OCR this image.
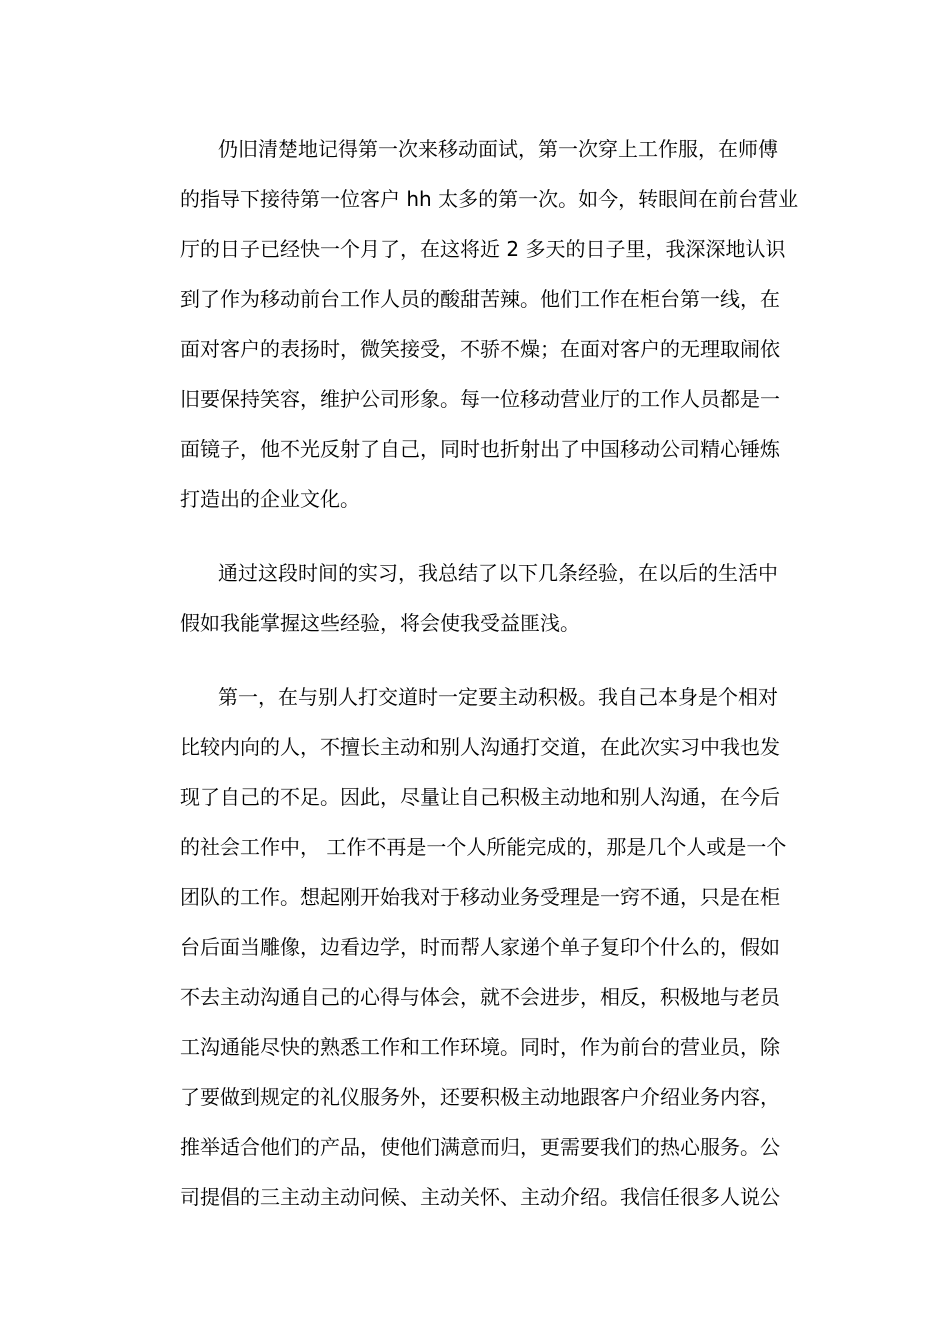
仍旧清楚地记得第一次来移动面试，第一次穿上工作服，在师傅
的指导下接待第一位客户 hh 太多的第一次。如今，转眼间在前台营业
厅的日子已经快一个月了，在这将近 2 多天的日子里，我深深地认识
到了作为移动前台工作人员的酸甜苦辣。他们工作在柜台第一线，在
面对客户的表扬时，微笑接受，不骄不燥；在面对客户的无理取闹依
旧要保持笑容，维护公司形象。每一位移动营业厅的工作人员都是一
面镜子，他不光反射了自己，同时也折射出了中国移动公司精心锤炼
打造出的企业文化。
通过这段时间的实习，我总结了以下几条经验，在以后的生活中
假如我能掌握这些经验，将会使我受益匪浅。
第一，在与别人打交道时一定要主动积极。我自己本身是个相对
比较内向的人，不擅长主动和别人沟通打交道，在此次实习中我也发
现了自己的不足。因此，尽量让自己积极主动地和别人沟通，在今后
的社会工作中， 工作不再是一个人所能完成的，那是几个人或是一个
团队的工作。想起刚开始我对于移动业务受理是一窍不通，只是在柜
台后面当雕像，边看边学，时而帮人家递个单子复印个什么的，假如
不去主动沟通自己的心得与体会，就不会进步，相反，积极地与老员
工沟通能尽快的熟悉工作和工作环境。同时，作为前台的营业员，除
了要做到规定的礼仪服务外，还要积极主动地跟客户介绍业务内容，
推举适合他们的产品，使他们满意而归，更需要我们的热心服务。公
司提倡的三主动主动问候、主动关怀、主动介绍。我信任很多人说公
